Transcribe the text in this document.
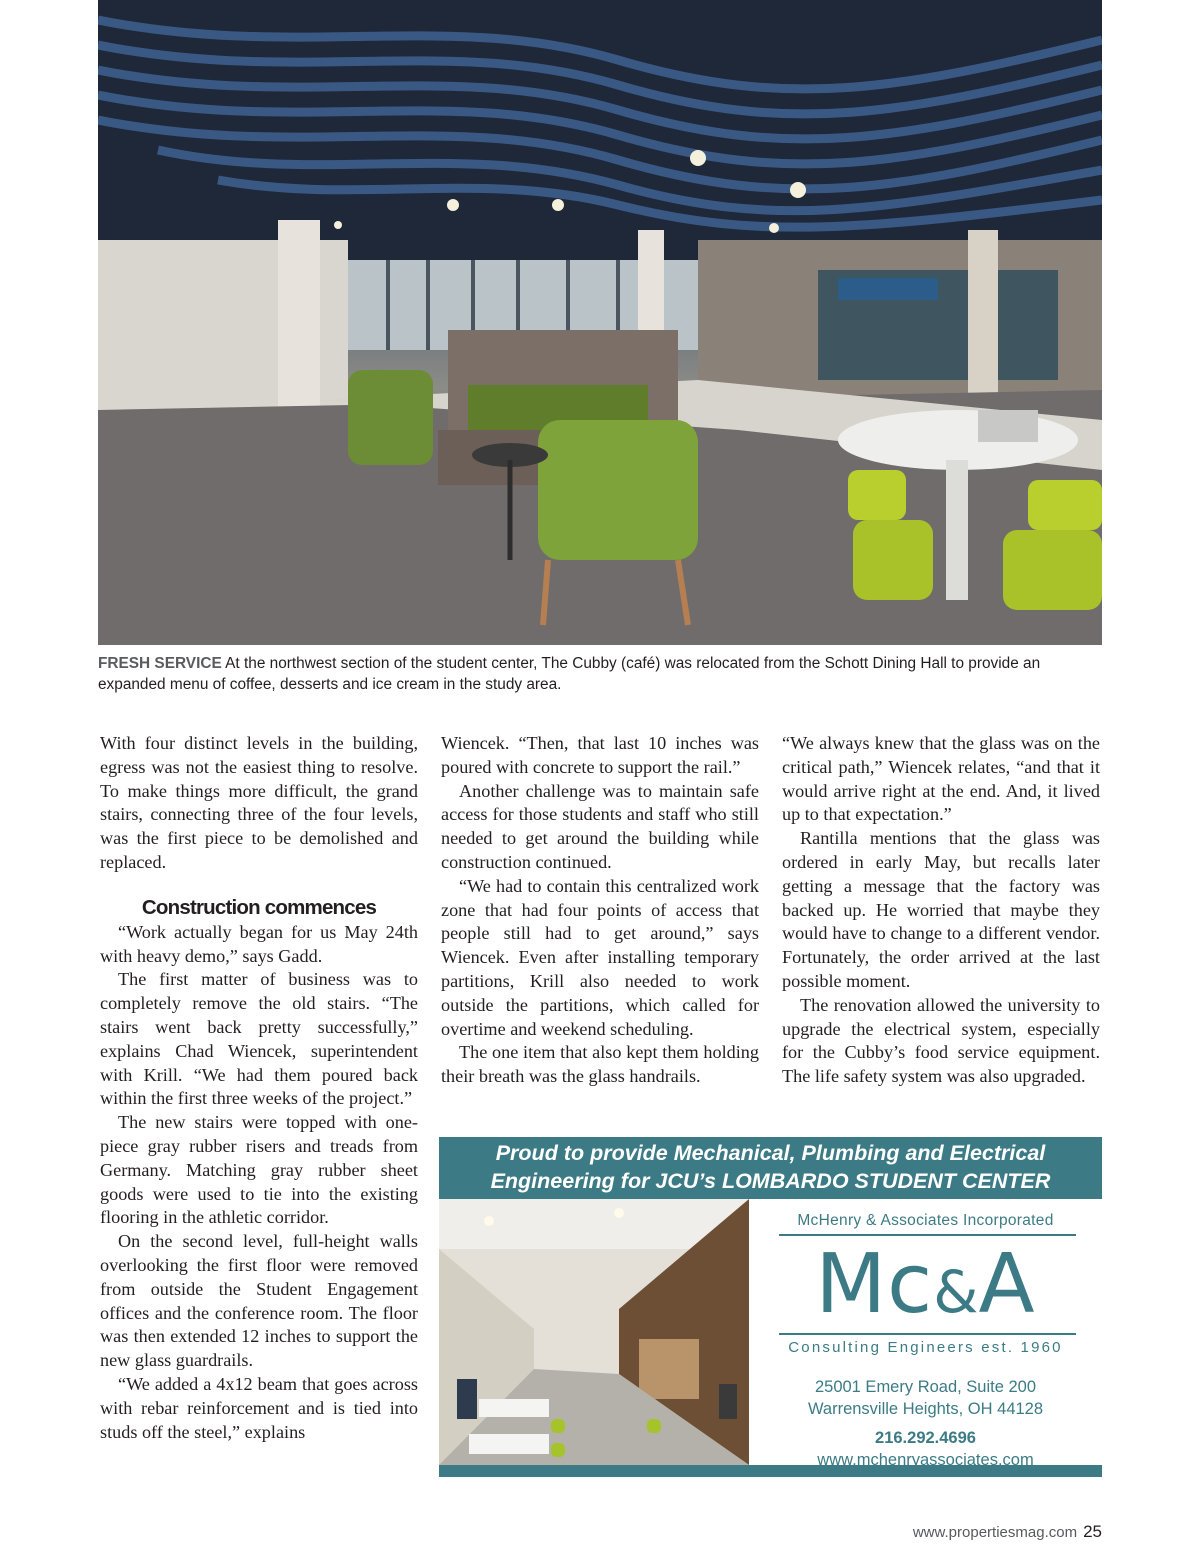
FRESH SERVICE At the northwest section of the student center, The Cubby (café) was relocated from the Schott Dining Hall to provide an expanded menu of coffee, desserts and ice cream in the study area.

With four distinct levels in the building, egress was not the easiest thing to resolve. To make things more difficult, the grand stairs, connecting three of the four levels, was the first piece to be demolished and replaced.

Construction commences

“Work actually began for us May 24th with heavy demo,” says Gadd.

The first matter of business was to completely remove the old stairs. “The stairs went back pretty successfully,” explains Chad Wiencek, superintendent with Krill. “We had them poured back within the first three weeks of the project.”

The new stairs were topped with one-piece gray rubber risers and treads from Germany. Matching gray rubber sheet goods were used to tie into the existing flooring in the athletic corridor.

On the second level, full-height walls overlooking the first floor were removed from outside the Student Engagement offices and the conference room. The floor was then extended 12 inches to support the new glass guardrails.

“We added a 4x12 beam that goes across with rebar reinforcement and is tied into studs off the steel,” explains

Wiencek. “Then, that last 10 inches was poured with concrete to support the rail.”

Another challenge was to maintain safe access for those students and staff who still needed to get around the building while construction continued.

“We had to contain this centralized work zone that had four points of access that people still had to get around,” says Wiencek. Even after installing temporary partitions, Krill also needed to work outside the partitions, which called for overtime and weekend scheduling.

The one item that also kept them holding their breath was the glass handrails.

“We always knew that the glass was on the critical path,” Wiencek relates, “and that it would arrive right at the end. And, it lived up to that expectation.”

Rantilla mentions that the glass was ordered in early May, but recalls later getting a message that the factory was backed up. He worried that maybe they would have to change to a different vendor. Fortunately, the order arrived at the last possible moment.

The renovation allowed the university to upgrade the electrical system, especially for the Cubby’s food service equipment. The life safety system was also upgraded.

Proud to provide Mechanical, Plumbing and Electrical
Engineering for JCU’s LOMBARDO STUDENT CENTER
McHenry & Associates Incorporated
Mc&A
Consulting Engineers est. 1960
25001 Emery Road, Suite 200
Warrensville Heights, OH 44128
216.292.4696
www.mchenryassociates.com
www.propertiesmag.com 25
